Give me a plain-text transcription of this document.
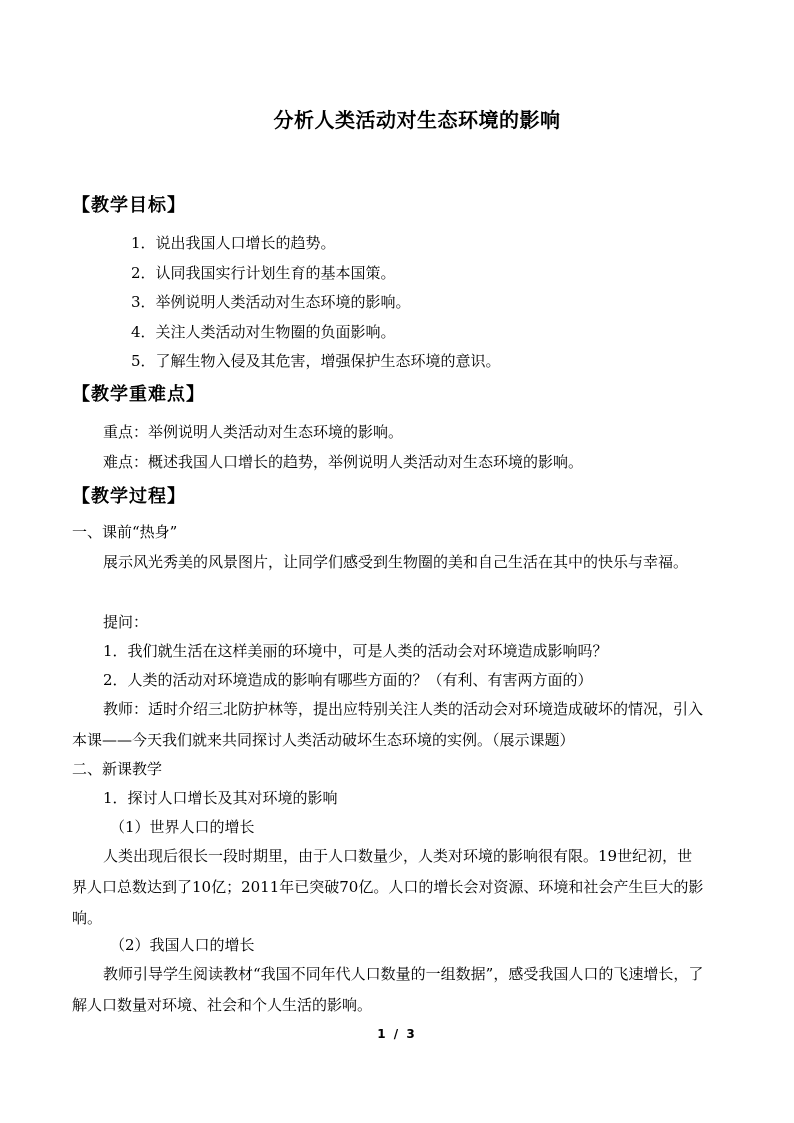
分析人类活动对生态环境的影响
【教学目标】
1．说出我国人口增长的趋势。
2．认同我国实行计划生育的基本国策。
3．举例说明人类活动对生态环境的影响。
4．关注人类活动对生物圈的负面影响。
5．了解生物入侵及其危害，增强保护生态环境的意识。
【教学重难点】
重点：举例说明人类活动对生态环境的影响。
难点：概述我国人口增长的趋势，举例说明人类活动对生态环境的影响。
【教学过程】
一、课前“热身”
展示风光秀美的风景图片，让同学们感受到生物圈的美和自己生活在其中的快乐与幸福。
提问：
1．我们就生活在这样美丽的环境中，可是人类的活动会对环境造成影响吗？
2．人类的活动对环境造成的影响有哪些方面的？（有利、有害两方面的）
教师：适时介绍三北防护林等，提出应特别关注人类的活动会对环境造成破坏的情况，引入本课——今天我们就来共同探讨人类活动破坏生态环境的实例。（展示课题）
二、新课教学
1．探讨人口增长及其对环境的影响
（1）世界人口的增长
人类出现后很长一段时期里，由于人口数量少，人类对环境的影响很有限。19世纪初，世界人口总数达到了10亿；2011年已突破70亿。人口的增长会对资源、环境和社会产生巨大的影响。
（2）我国人口的增长
教师引导学生阅读教材“我国不同年代人口数量的一组数据”，感受我国人口的飞速增长，了解人口数量对环境、社会和个人生活的影响。
1 / 3
